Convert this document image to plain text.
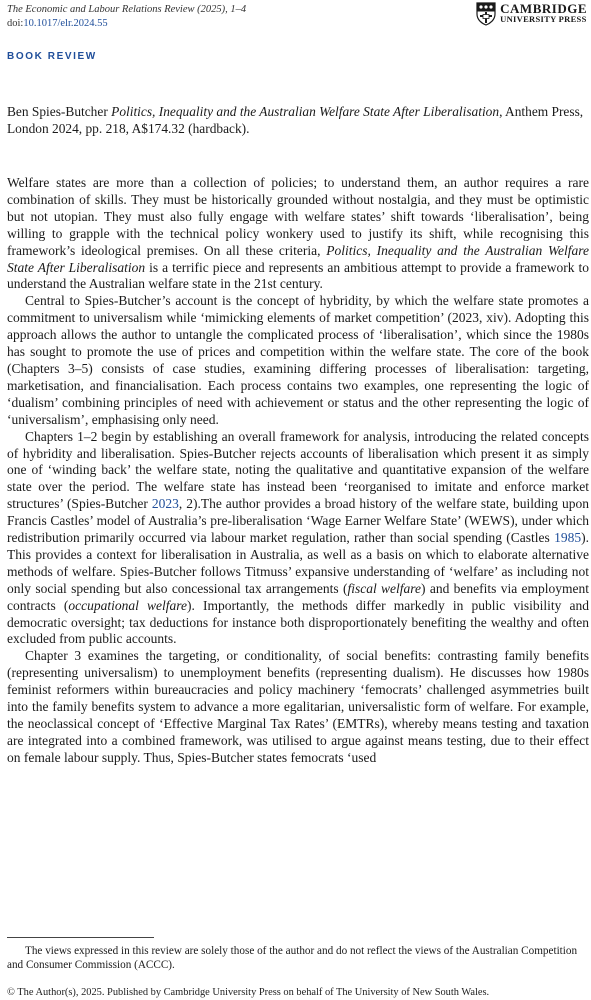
The Economic and Labour Relations Review (2025), 1–4
doi:10.1017/elr.2024.55
CAMBRIDGE
UNIVERSITY PRESS
BOOK REVIEW
Ben Spies-Butcher Politics, Inequality and the Australian Welfare State After Liberalisation, Anthem Press, London 2024, pp. 218, A$174.32 (hardback).

Welfare states are more than a collection of policies; to understand them, an author requires a rare combination of skills. They must be historically grounded without nostalgia, and they must be optimistic but not utopian. They must also fully engage with welfare states’ shift towards ‘liberalisation’, being willing to grapple with the technical policy wonkery used to justify its shift, while recognising this framework’s ideological premises. On all these criteria, Politics, Inequality and the Australian Welfare State After Liberalisation is a terrific piece and represents an ambitious attempt to provide a framework to understand the Australian welfare state in the 21st century.

Central to Spies-Butcher’s account is the concept of hybridity, by which the welfare state promotes a commitment to universalism while ‘mimicking elements of market competition’ (2023, xiv). Adopting this approach allows the author to untangle the complicated process of ‘liberalisation’, which since the 1980s has sought to promote the use of prices and competition within the welfare state. The core of the book (Chapters 3–5) consists of case studies, examining differing processes of liberalisation: targeting, marketisation, and financialisation. Each process contains two examples, one representing the logic of ‘dualism’ combining principles of need with achievement or status and the other representing the logic of ‘universalism’, emphasising only need.

Chapters 1–2 begin by establishing an overall framework for analysis, introducing the related concepts of hybridity and liberalisation. Spies-Butcher rejects accounts of liberalisation which present it as simply one of ‘winding back’ the welfare state, noting the qualitative and quantitative expansion of the welfare state over the period. The welfare state has instead been ‘reorganised to imitate and enforce market structures’ (Spies-Butcher 2023, 2).The author provides a broad history of the welfare state, building upon Francis Castles’ model of Australia’s pre-liberalisation ‘Wage Earner Welfare State’ (WEWS), under which redistribution primarily occurred via labour market regulation, rather than social spending (Castles 1985). This provides a context for liberalisation in Australia, as well as a basis on which to elaborate alternative methods of welfare. Spies-Butcher follows Titmuss’ expansive understanding of ‘welfare’ as including not only social spending but also concessional tax arrangements (fiscal welfare) and benefits via employment contracts (occupational welfare). Importantly, the methods differ markedly in public visibility and democratic oversight; tax deductions for instance both disproportionately benefiting the wealthy and often excluded from public accounts.

Chapter 3 examines the targeting, or conditionality, of social benefits: contrasting family benefits (representing universalism) to unemployment benefits (representing dualism). He discusses how 1980s feminist reformers within bureaucracies and policy machinery ‘femocrats’ challenged asymmetries built into the family benefits system to advance a more egalitarian, universalistic form of welfare. For example, the neoclassical concept of ‘Effective Marginal Tax Rates’ (EMTRs), whereby means testing and taxation are integrated into a combined framework, was utilised to argue against means testing, due to their effect on female labour supply. Thus, Spies-Butcher states femocrats ‘used

The views expressed in this review are solely those of the author and do not reflect the views of the Australian Competition and Consumer Commission (ACCC).
© The Author(s), 2025. Published by Cambridge University Press on behalf of The University of New South Wales.
